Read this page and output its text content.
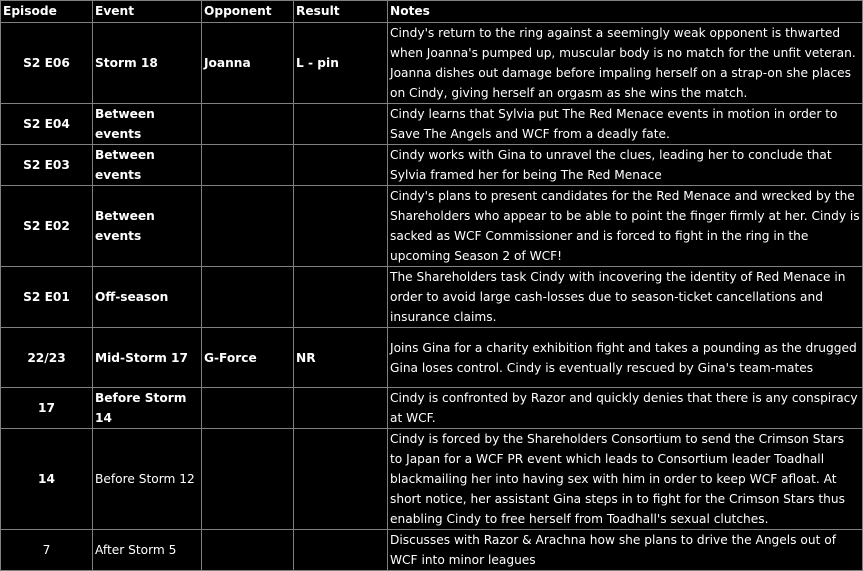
Episode	Event	Opponent	Result	Notes
S2 E06	Storm 18	Joanna	L - pin	Cindy's return to the ring against a seemingly weak opponent is thwarted when Joanna's pumped up, muscular body is no match for the unfit veteran. Joanna dishes out damage before impaling herself on a strap-on she places on Cindy, giving herself an orgasm as she wins the match.
S2 E04	Between events			Cindy learns that Sylvia put The Red Menace events in motion in order to Save The Angels and WCF from a deadly fate.
S2 E03	Between events			Cindy works with Gina to unravel the clues, leading her to conclude that Sylvia framed her for being The Red Menace
S2 E02	Between events			Cindy's plans to present candidates for the Red Menace and wrecked by the Shareholders who appear to be able to point the finger firmly at her. Cindy is sacked as WCF Commissioner and is forced to fight in the ring in the upcoming Season 2 of WCF!
S2 E01	Off-season			The Shareholders task Cindy with incovering the identity of Red Menace in order to avoid large cash-losses due to season-ticket cancellations and insurance claims.
22/23	Mid-Storm 17	G-Force	NR	Joins Gina for a charity exhibition fight and takes a pounding as the drugged Gina loses control. Cindy is eventually rescued by Gina's team-mates
17	Before Storm 14			Cindy is confronted by Razor and quickly denies that there is any conspiracy at WCF.
14	Before Storm 12			Cindy is forced by the Shareholders Consortium to send the Crimson Stars to Japan for a WCF PR event which leads to Consortium leader Toadhall blackmailing her into having sex with him in order to keep WCF afloat. At short notice, her assistant Gina steps in to fight for the Crimson Stars thus enabling Cindy to free herself from Toadhall's sexual clutches.
7	After Storm 5			Discusses with Razor & Arachna how she plans to drive the Angels out of WCF into minor leagues
